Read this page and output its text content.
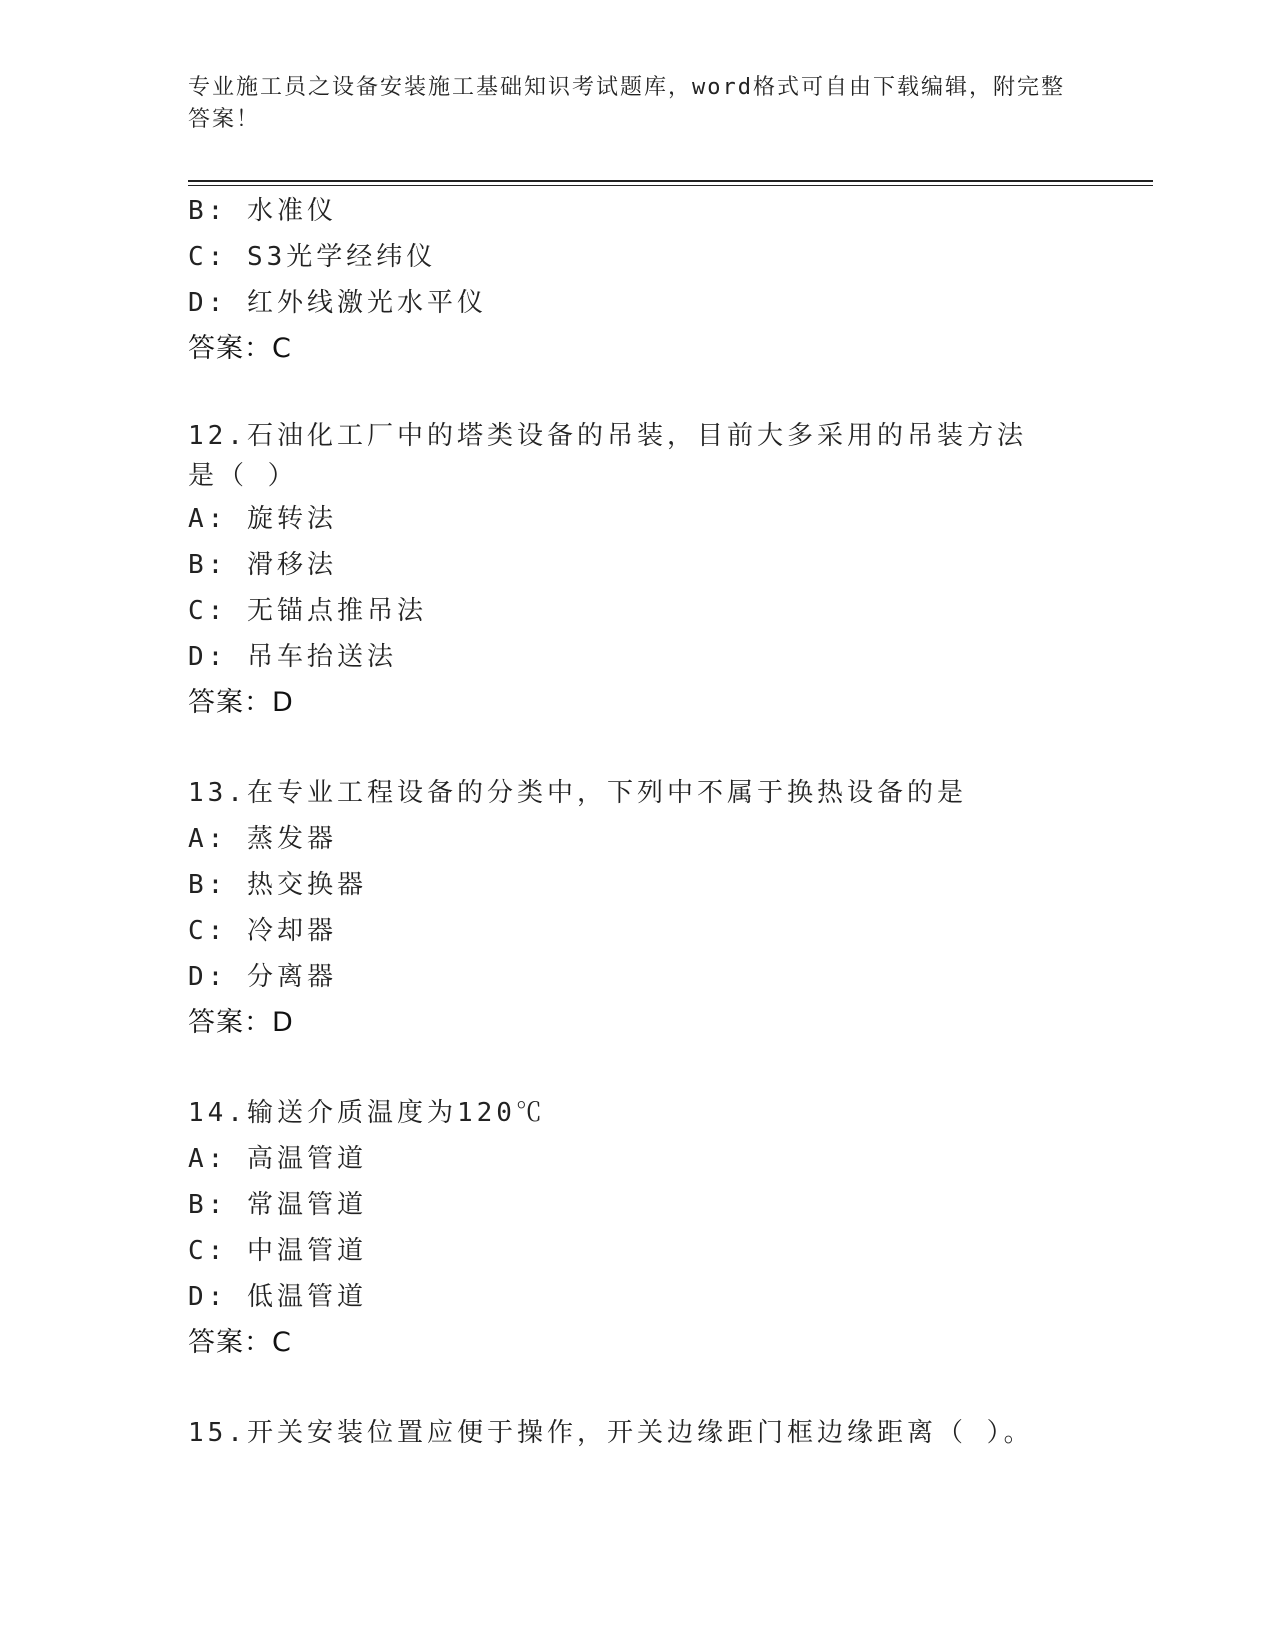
专业施工员之设备安装施工基础知识考试题库，word格式可自由下载编辑，附完整答案！
B: 水准仪
C: S3光学经纬仪
D: 红外线激光水平仪
答案：C
12.石油化工厂中的塔类设备的吊装，目前大多采用的吊装方法是（ ）
A: 旋转法
B: 滑移法
C: 无锚点推吊法
D: 吊车抬送法
答案：D
13.在专业工程设备的分类中，下列中不属于换热设备的是
A: 蒸发器
B: 热交换器
C: 冷却器
D: 分离器
答案：D
14.输送介质温度为120℃
A: 高温管道
B: 常温管道
C: 中温管道
D: 低温管道
答案：C
15.开关安装位置应便于操作，开关边缘距门框边缘距离（ ）。
